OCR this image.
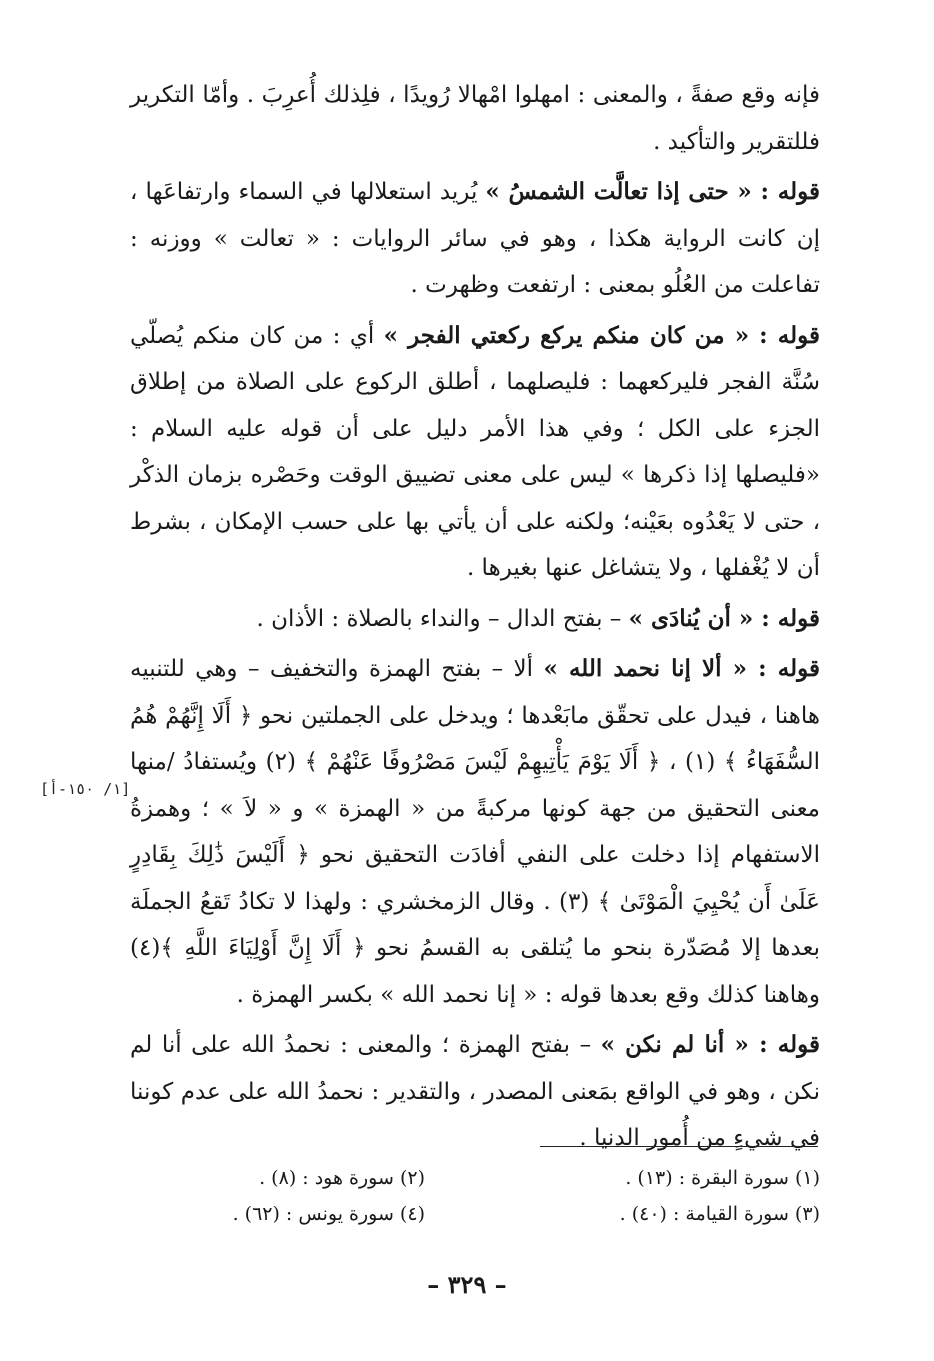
فإنه وقع صفةً ، والمعنى : امهلوا امْهالا رُويدًا ، فلِذلك أُعرِبَ . وأمّا التكرير فللتقرير والتأكيد .

قوله : « حتى إذا تعالَّت الشمسُ » يُريد استعلالها في السماء وارتفاعَها ، إن كانت الرواية هكذا ، وهو في سائر الروايات : « تعالت » ووزنه : تفاعلت من العُلُو بمعنى : ارتفعت وظهرت .

قوله : « من كان منكم يركع ركعتي الفجر » أي : من كان منكم يُصلّي سُنَّة الفجر فليركعهما : فليصلهما ، أطلق الركوع على الصلاة من إطلاق الجزء على الكل ؛ وفي هذا الأمر دليل على أن قوله عليه السلام : «فليصلها إذا ذكرها » ليس على معنى تضييق الوقت وحَصْره بزمان الذكْر ، حتى لا يَعْدُوه بعَيْنه؛ ولكنه على أن يأتي بها على حسب الإمكان ، بشرط أن لا يُغْفلها ، ولا يتشاغل عنها بغيرها .

قوله : « أن يُنادَى » – بفتح الدال – والنداء بالصلاة : الأذان .

قوله : « ألا إنا نحمد الله » ألا – بفتح الهمزة والتخفيف – وهي للتنبيه هاهنا ، فيدل على تحقّق مابَعْدها ؛ ويدخل على الجملتين نحو ﴿ أَلَا إِنَّهُمْ هُمُ السُّفَهَاءُ ﴾ (١) ، ﴿ أَلَا يَوْمَ يَأْتِيهِمْ لَيْسَ مَصْرُوفًا عَنْهُمْ ﴾ (٢) ويُستفادُ /منها معنى التحقيق من جهة كونها مركبةً من « الهمزة » و « لاَ » ؛ وهمزةُ الاستفهام إذا دخلت على النفي أفادَت التحقيق نحو ﴿ أَلَيْسَ ذَٰلِكَ بِقَادِرٍ عَلَىٰ أَن يُحْيِيَ الْمَوْتَىٰ ﴾ (٣) . وقال الزمخشري : ولهذا لا تكادُ تَقعُ الجملَة بعدها إلا مُصَدّرة بنحو ما يُتلقى به القسمُ نحو ﴿ أَلَا إِنَّ أَوْلِيَاءَ اللَّهِ ﴾(٤) وهاهنا كذلك وقع بعدها قوله : « إنا نحمد الله » بكسر الهمزة .

قوله : « أنا لم نكن » – بفتح الهمزة ؛ والمعنى : نحمدُ الله على أنا لم نكن ، وهو في الواقع بمَعنى المصدر ، والتقدير : نحمدُ الله على عدم كوننا في شيءٍ من أُمور الدنيا .

[١/ ١٥٠-أ]
(١) سورة البقرة : (١٣) .
(٢) سورة هود : (٨) .
(٣) سورة القيامة : (٤٠) .
(٤) سورة يونس : (٦٢) .
– ٣٢٩ –
